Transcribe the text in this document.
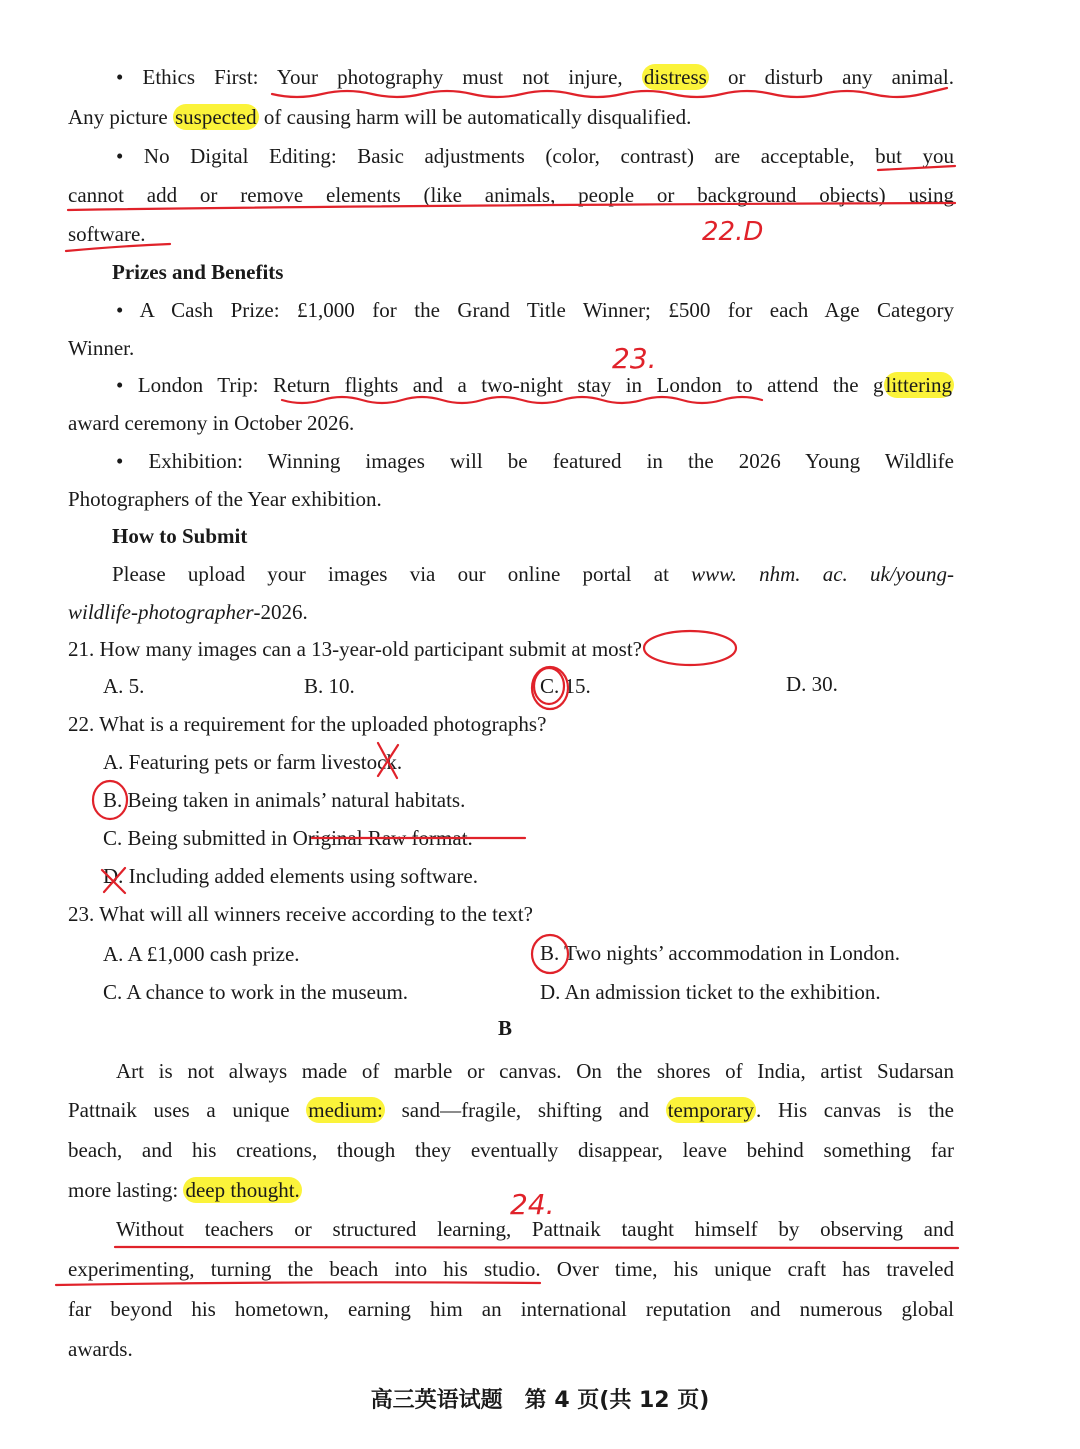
• Ethics First: Your photography must not injure, distress or disturb any animal.
Any picture suspected of causing harm will be automatically disqualified.
• No Digital Editing: Basic adjustments (color, contrast) are acceptable, but you
cannot add or remove elements (like animals, people or background objects) using
software.
Prizes and Benefits
• A Cash Prize: £1,000 for the Grand Title Winner; £500 for each Age Category
Winner.
• London Trip: Return flights and a two-night stay in London to attend the glittering
award ceremony in October 2026.
• Exhibition: Winning images will be featured in the 2026 Young Wildlife
Photographers of the Year exhibition.
How to Submit
Please upload your images via our online portal at www. nhm. ac. uk/young-
wildlife-photographer-2026.
21. How many images can a 13-year-old participant submit at most?
A. 5.	B. 10.	C. 15.	D. 30.
22. What is a requirement for the uploaded photographs?
A. Featuring pets or farm livestock.
B. Being taken in animals’ natural habitats.
C. Being submitted in Original Raw format.
D. Including added elements using software.
23. What will all winners receive according to the text?
A. A £1,000 cash prize.	B. Two nights’ accommodation in London.
C. A chance to work in the museum.	D. An admission ticket to the exhibition.
B
Art is not always made of marble or canvas. On the shores of India, artist Sudarsan
Pattnaik uses a unique medium: sand—fragile, shifting and temporary. His canvas is the
beach, and his creations, though they eventually disappear, leave behind something far
more lasting: deep thought.
Without teachers or structured learning, Pattnaik taught himself by observing and
experimenting, turning the beach into his studio. Over time, his unique craft has traveled
far beyond his hometown, earning him an international reputation and numerous global
awards.
高三英语试题　第 4 页(共 12 页)
22.D
23.
24.
